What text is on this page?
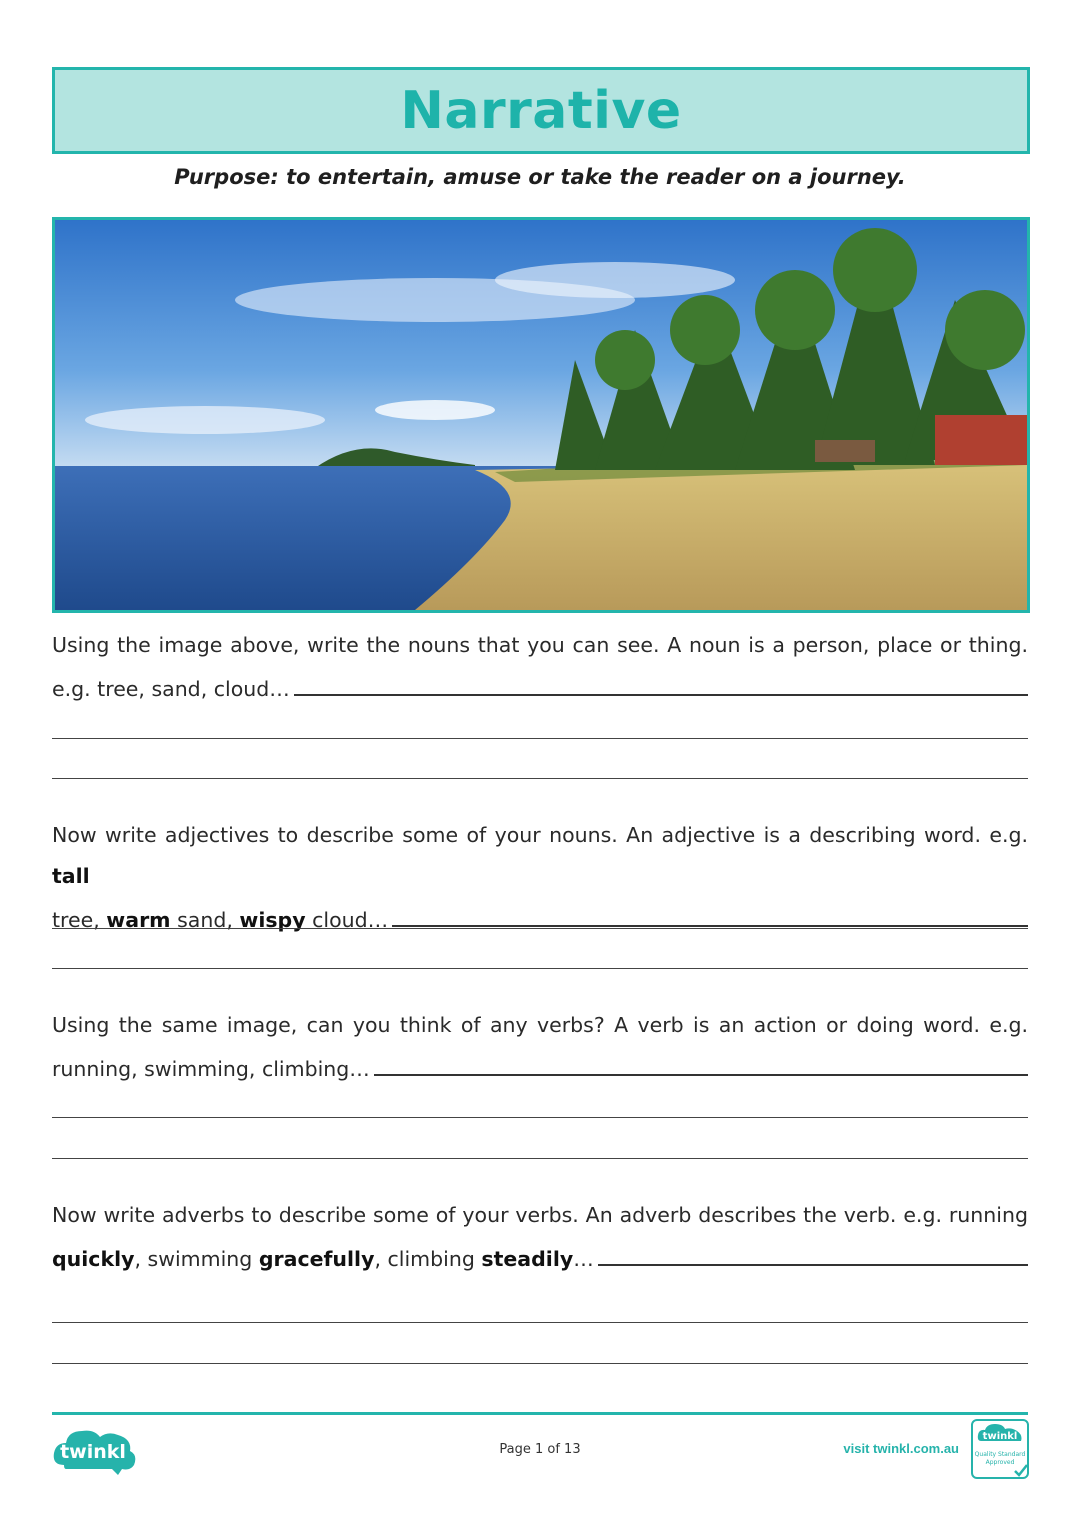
Narrative
Purpose: to entertain, amuse or take the reader on a journey.
Using the image above, write the nouns that you can see. A noun is a person, place or thing.
e.g. tree, sand, cloud…
Now write adjectives to describe some of your nouns. An adjective is a describing word. e.g. tall
tree, warm sand, wispy cloud…
Using the same image, can you think of any verbs? A verb is an action or doing word. e.g.
running, swimming, climbing…
Now write adverbs to describe some of your verbs. An adverb describes the verb. e.g. running
quickly, swimming gracefully, climbing steadily…
twinkl	Page 1 of 13	visit twinkl.com.au
twinkl
Quality Standard
Approved
